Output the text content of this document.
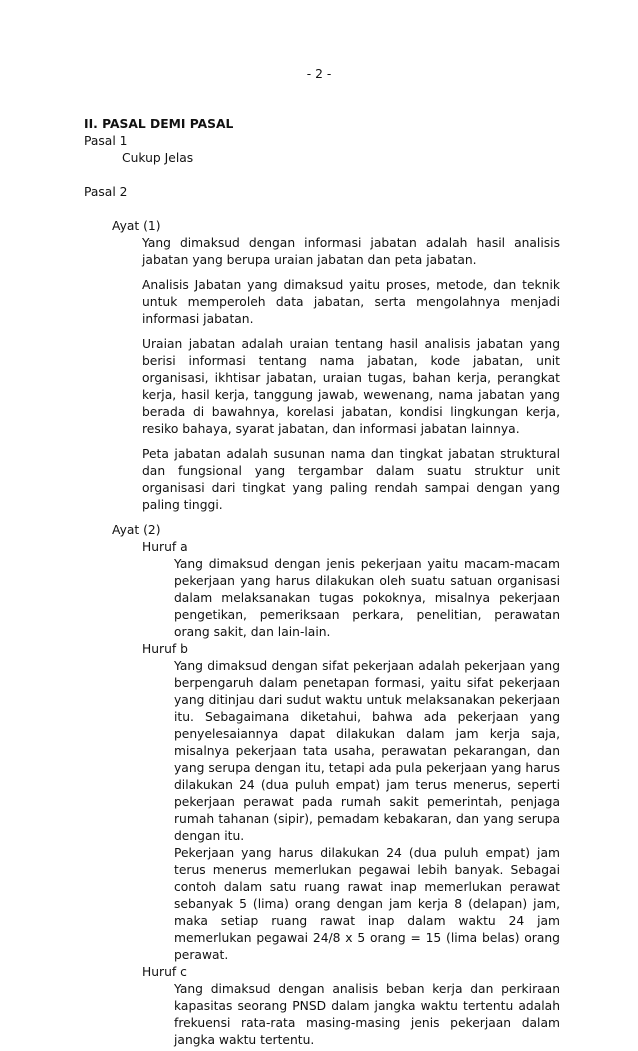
- 2 -

II. PASAL DEMI PASAL

Pasal 1

Cukup Jelas

Pasal 2

Ayat (1)

Yang dimaksud dengan informasi jabatan adalah hasil analisis jabatan yang berupa uraian jabatan dan peta jabatan.

Analisis Jabatan yang dimaksud yaitu proses, metode, dan teknik untuk memperoleh data jabatan, serta mengolahnya menjadi informasi jabatan.

Uraian jabatan adalah uraian tentang hasil analisis jabatan yang berisi informasi tentang nama jabatan, kode jabatan, unit organisasi, ikhtisar jabatan, uraian tugas, bahan kerja, perangkat kerja, hasil kerja, tanggung jawab, wewenang, nama jabatan yang berada di bawahnya, korelasi jabatan, kondisi lingkungan kerja, resiko bahaya, syarat jabatan, dan informasi jabatan lainnya.

Peta jabatan adalah susunan nama dan tingkat jabatan struktural dan fungsional yang tergambar dalam suatu struktur unit organisasi dari tingkat yang paling rendah sampai dengan yang paling tinggi.

Ayat (2)

Huruf a

Yang dimaksud dengan jenis pekerjaan yaitu macam-macam pekerjaan yang harus dilakukan oleh suatu satuan organisasi dalam melaksanakan tugas pokoknya, misalnya pekerjaan pengetikan, pemeriksaan perkara, penelitian, perawatan orang sakit, dan lain-lain.

Huruf b

Yang dimaksud dengan sifat pekerjaan adalah pekerjaan yang berpengaruh dalam penetapan formasi, yaitu sifat pekerjaan yang ditinjau dari sudut waktu untuk melaksanakan pekerjaan itu. Sebagaimana diketahui, bahwa ada pekerjaan yang penyelesaiannya dapat dilakukan dalam jam kerja saja, misalnya pekerjaan tata usaha, perawatan pekarangan, dan yang serupa dengan itu, tetapi ada pula pekerjaan yang harus dilakukan 24 (dua puluh empat) jam terus menerus, seperti pekerjaan perawat pada rumah sakit pemerintah, penjaga rumah tahanan (sipir), pemadam kebakaran, dan yang serupa dengan itu.

Pekerjaan yang harus dilakukan 24 (dua puluh empat) jam terus menerus memerlukan pegawai lebih banyak. Sebagai contoh dalam satu ruang rawat inap memerlukan perawat sebanyak 5 (lima) orang dengan jam kerja 8 (delapan) jam, maka setiap ruang rawat inap dalam waktu 24 jam memerlukan pegawai 24/8 x 5 orang = 15 (lima belas) orang perawat.

Huruf c

Yang dimaksud dengan analisis beban kerja dan perkiraan kapasitas seorang PNSD dalam jangka waktu tertentu adalah frekuensi rata-rata masing-masing jenis pekerjaan dalam jangka waktu tertentu.
